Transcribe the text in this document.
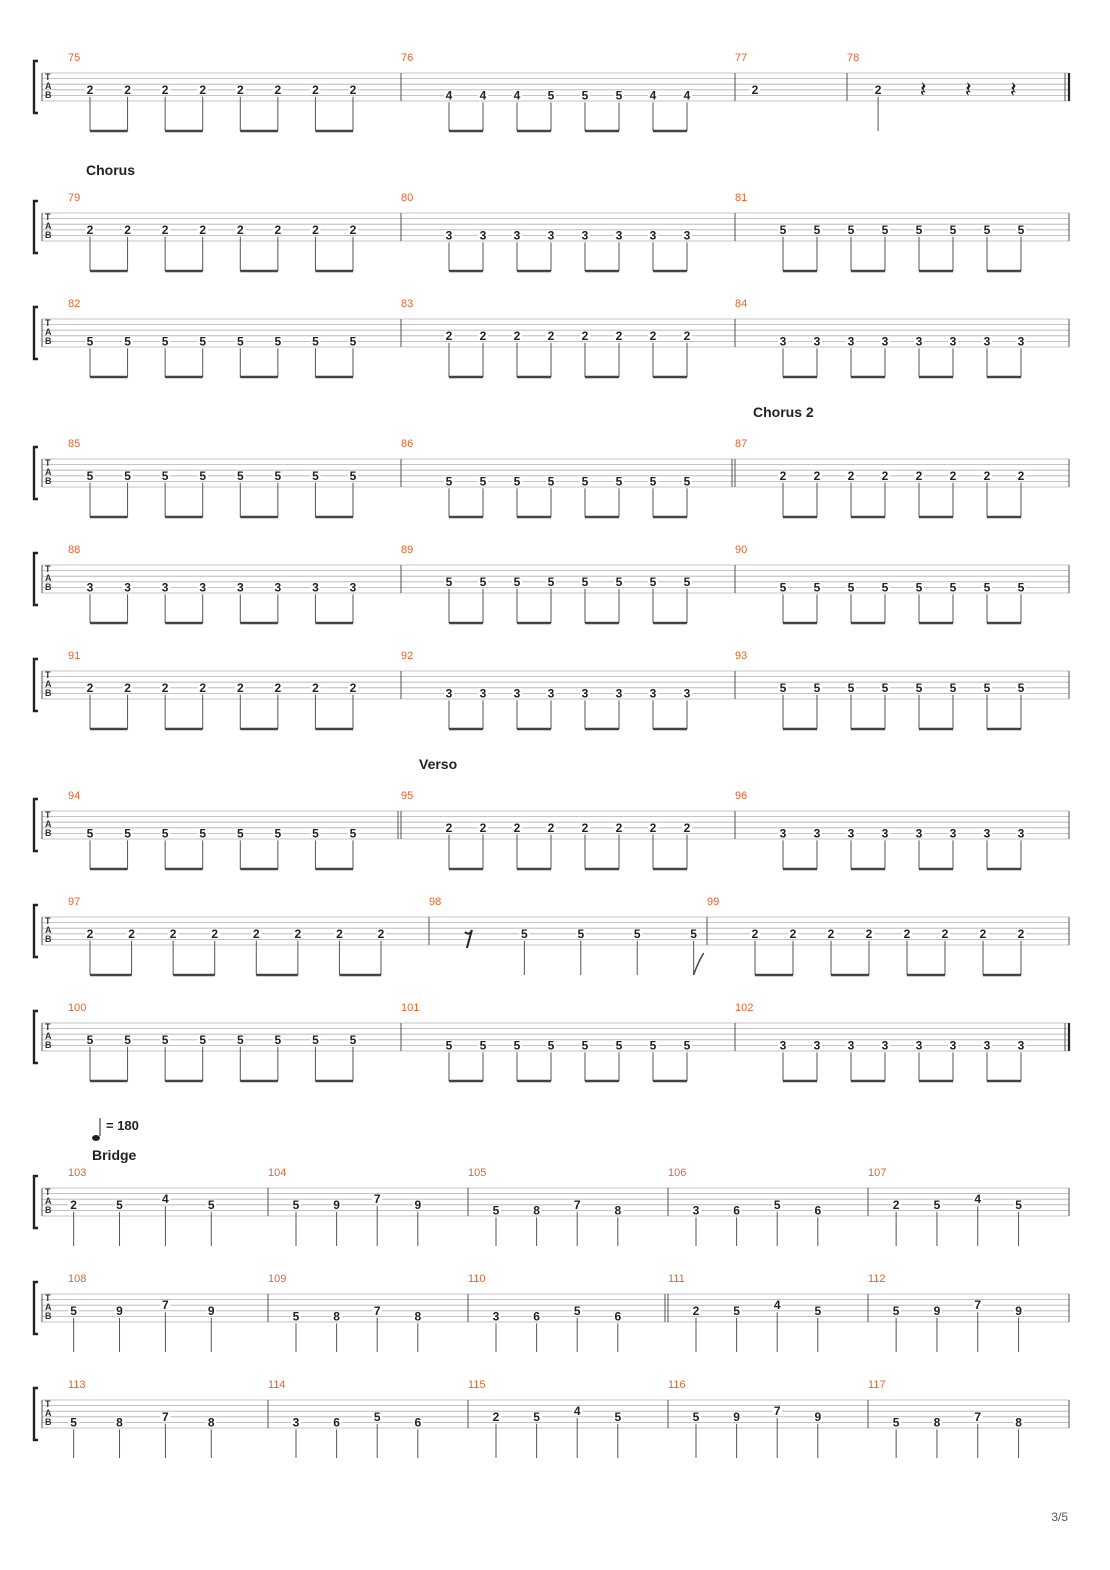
T
A
B
75
2	2	2	2	2	2	2	2
76
4 4 4 5 5 5 4 4
77
2
78
2 𝄽 𝄽 𝄽
T
A
B
Chorus
79
2	2	2	2	2	2	2	2
80
3 3 3 3 3 3 3 3
81
5 5 5 5 5 5 5 5
T
A
B
82
5	5	5	5	5	5	5	5
83
2 2 2 2 2 2 2 2
84
3 3 3 3 3 3 3 3
T
A
B
85
5	5	5	5	5	5	5	5
86
5 5 5 5 5 5 5 5
87
Chorus 2
2 2 2 2 2 2 2 2
T
A
B
88
3	3	3	3	3	3	3	3
89
5 5 5 5 5 5 5 5
90
5 5 5 5 5 5 5 5
T
A
B
91
2	2	2	2	2	2	2	2
92
3 3 3 3 3 3 3 3
93
5 5 5 5 5 5 5 5
T
A
B
94
5	5	5	5	5	5	5	5
95
Verso
2 2 2 2 2 2 2 2
96
3 3 3 3 3 3 3 3
T
A
B
97
2	2	2	2	2	2	2	2
98
5	5	5	5
99
2	2	2	2	2	2	2	2
T
A
B
100
5	5	5	5	5	5	5	5
101
5 5 5 5 5 5 5 5
102
3 3 3 3 3 3 3 3
T
A
B
Bridge
= 180
103
2	5	4	5
104
5	9	7	9
105
5	8	7	8
106
3	6	5	6
107
2	5	4	5
T
A
B
108
5	9	7	9
109
5	8	7	8
110
3	6	5	6
111
2	5	4	5
112
5	9	7	9
T
A
B
113
5	8	7	8
114
3	6	5	6
115
2	5	4	5
116
5	9	7	9
117
5	8	7	8
3/5
